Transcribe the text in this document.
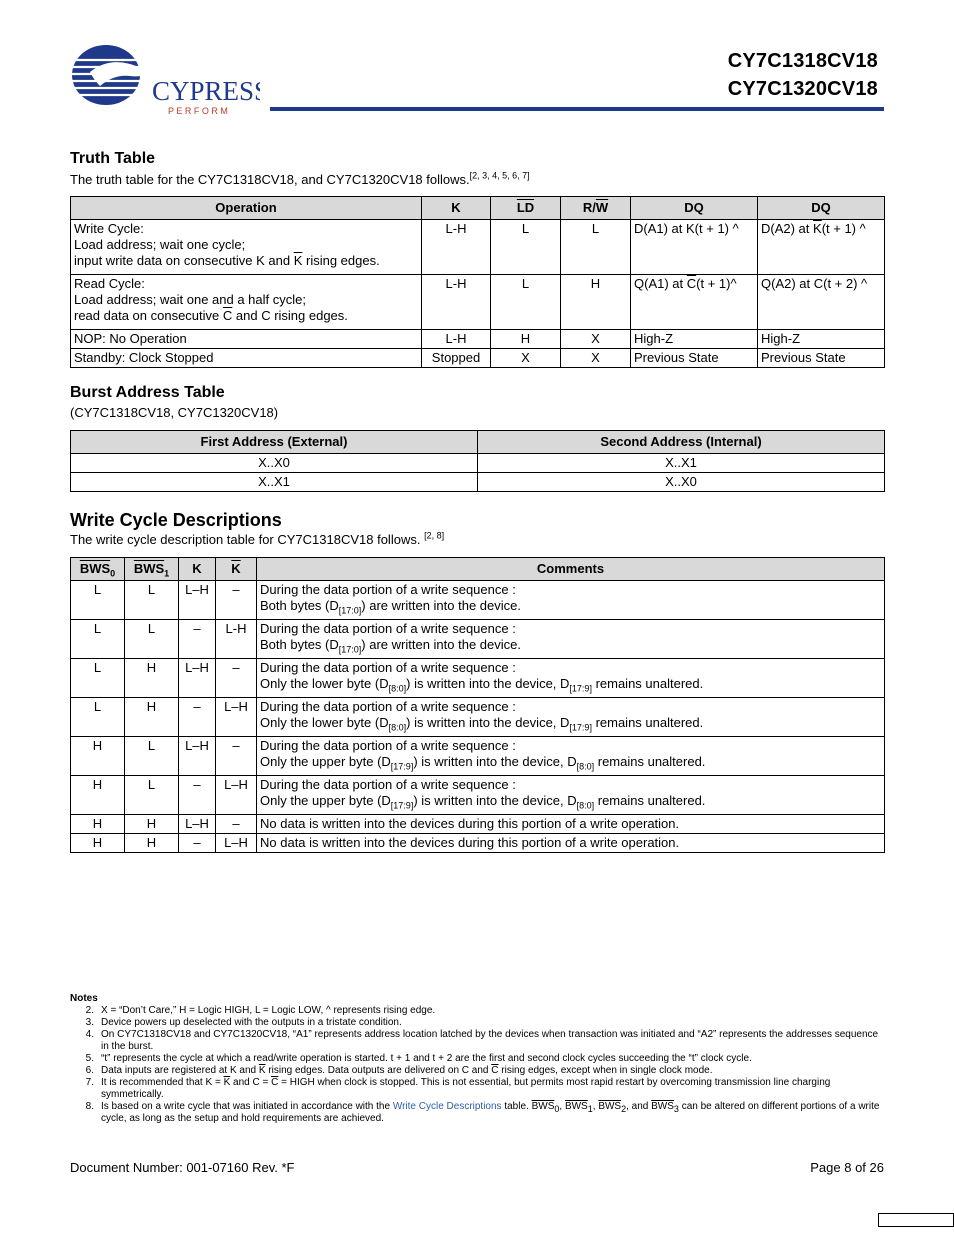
CYPRESS
P E R F O R M
CY7C1318CV18
CY7C1320CV18
Truth Table
The truth table for the CY7C1318CV18, and CY7C1320CV18 follows.[2, 3, 4, 5, 6, 7]
Operation	K	$\overline{LD}$	$R/\overline{W}$	DQ	DQ

Write Cycle:
Load address; wait one cycle;
input write data on consecutive K and $\overline{K}$ rising edges.	L-H	L	L	D(A1) at K(t + 1) ^	D(A2) at $\overline{K}(t + 1)$ ^

Read Cycle:
Load address; wait one and a half cycle;
read data on consecutive $\overline{C}$ and C rising edges.	L-H	L	H	Q(A1) at $\overline{C}(t$ + 1)^	Q(A2) at C(t + 2) ^
NOP: No Operation	L-H	H	X	High-Z	High-Z
Standby: Clock Stopped	Stopped	X	X	Previous State	Previous State
Burst Address Table
(CY7C1318CV18, CY7C1320CV18)
First Address (External)	Second Address (Internal)
X..X0	X..X1
X..X1	X..X0
Write Cycle Descriptions
The write cycle description table for CY7C1318CV18 follows. [2, 8]
$\overline{BWS}_0$	$\overline{BWS}_1$	K	$\overline{K}$	Comments
L	L	L–H	–	During the data portion of a write sequence :
Both bytes $(D_{[17:0]})$ are written into the device.

L	L	–	L-H	During the data portion of a write sequence :
Both bytes $(D_{[17:0]})$ are written into the device.

L	H	L–H	–	During the data portion of a write sequence :
Only the lower byte $(D_{[8:0]})$ is written into the device, $D_{[17:9]}$ remains unaltered.

L	H	–	L–H	During the data portion of a write sequence :
Only the lower byte $(D_{[8:0]})$ is written into the device, $D_{[17:9]}$ remains unaltered.

H	L	L–H	–	During the data portion of a write sequence :
Only the upper byte $(D_{[17:9]})$ is written into the device, $D_{[8:0]}$ remains unaltered.

H	L	–	L–H	During the data portion of a write sequence :
Only the upper byte $(D_{[17:9]})$ is written into the device, $D_{[8:0]}$ remains unaltered.

H	H	L–H	–	No data is written into the devices during this portion of a write operation.
H	H	–	L–H	No data is written into the devices during this portion of a write operation.
Notes
2. X = “Don’t Care,” H = Logic HIGH, L = Logic LOW, ^ represents rising edge.
3. Device powers up deselected with the outputs in a tristate condition.
4. On CY7C1318CV18 and CY7C1320CV18, “A1” represents address location latched by the devices when transaction was initiated and “A2” represents the addresses sequence in the burst.
5. “t” represents the cycle at which a read/write operation is started. t + 1 and t + 2 are the first and second clock cycles succeeding the “t” clock cycle.
6. Data inputs are registered at K and $\overline{K}$ rising edges. Data outputs are delivered on C and $\overline{C}$ rising edges, except when in single clock mode.
7. It is recommended that $K = \overline{K}$ and $C = \overline{C}$ = HIGH when clock is stopped. This is not essential, but permits most rapid restart by overcoming transmission line charging symmetrically.
8. Is based on a write cycle that was initiated in accordance with the Write Cycle Descriptions table. $\overline{BWS}_0$, $\overline{BWS}_1$, $\overline{BWS}_2$, and $\overline{BWS}_3$ can be altered on different portions of a write cycle, as long as the setup and hold requirements are achieved.
Document Number: 001-07160 Rev. *F	Page 8 of 26
